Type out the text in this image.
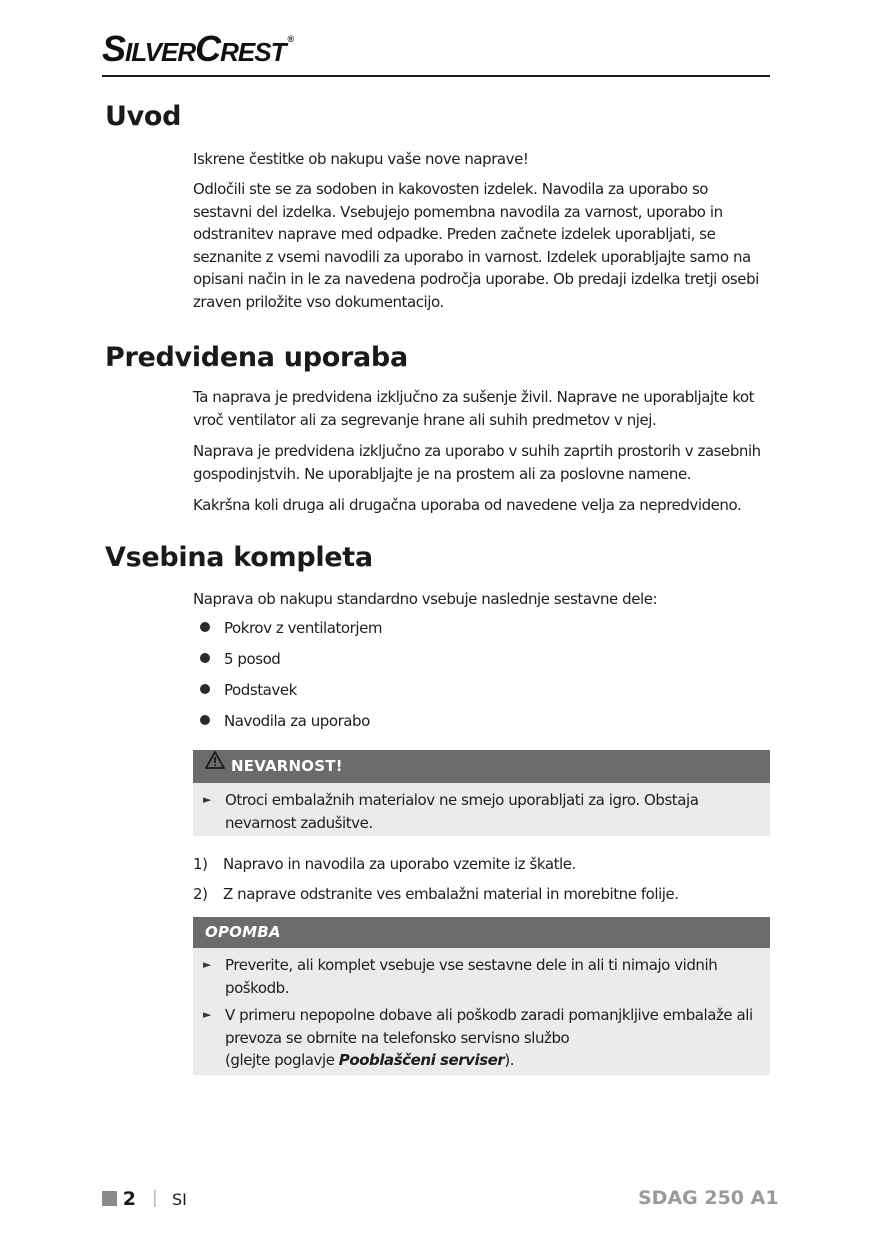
SILVERCREST ®
Uvod

Iskrene čestitke ob nakupu vaše nove naprave!

Odločili ste se za sodoben in kakovosten izdelek. Navodila za uporabo so sestavni del izdelka. Vsebujejo pomembna navodila za varnost, uporabo in odstranitev naprave med odpadke. Preden začnete izdelek uporabljati, se seznanite z vsemi navodili za uporabo in varnost. Izdelek uporabljajte samo na opisani način in le za navedena področja uporabe. Ob predaji izdelka tretji osebi zraven priložite vso dokumentacijo.

Predvidena uporaba

Ta naprava je predvidena izključno za sušenje živil. Naprave ne uporabljajte kot vroč ventilator ali za segrevanje hrane ali suhih predmetov v njej.

Naprava je predvidena izključno za uporabo v suhih zaprtih prostorih v zasebnih gospodinjstvih. Ne uporabljajte je na prostem ali za poslovne namene.

Kakršna koli druga ali drugačna uporaba od navedene velja za nepredvideno.

Vsebina kompleta

Naprava ob nakupu standardno vsebuje naslednje sestavne dele:

Pokrov z ventilatorjem
5 posod
Podstavek
Navodila za uporabo
NEVARNOST!
► Otroci embalažnih materialov ne smejo uporabljati za igro. Obstaja nevarnost zadušitve.
1) Napravo in navodila za uporabo vzemite iz škatle.
2) Z naprave odstranite ves embalažni material in morebitne folije.
OPOMBA
► Preverite, ali komplet vsebuje vse sestavne dele in ali ti nimajo vidnih poškodb.
► V primeru nepopolne dobave ali poškodb zaradi pomanjkljive embalaže ali prevoza se obrnite na telefonsko servisno službo
(glejte poglavje Pooblaščeni serviser).
2 | SI	SDAG 250 A1
